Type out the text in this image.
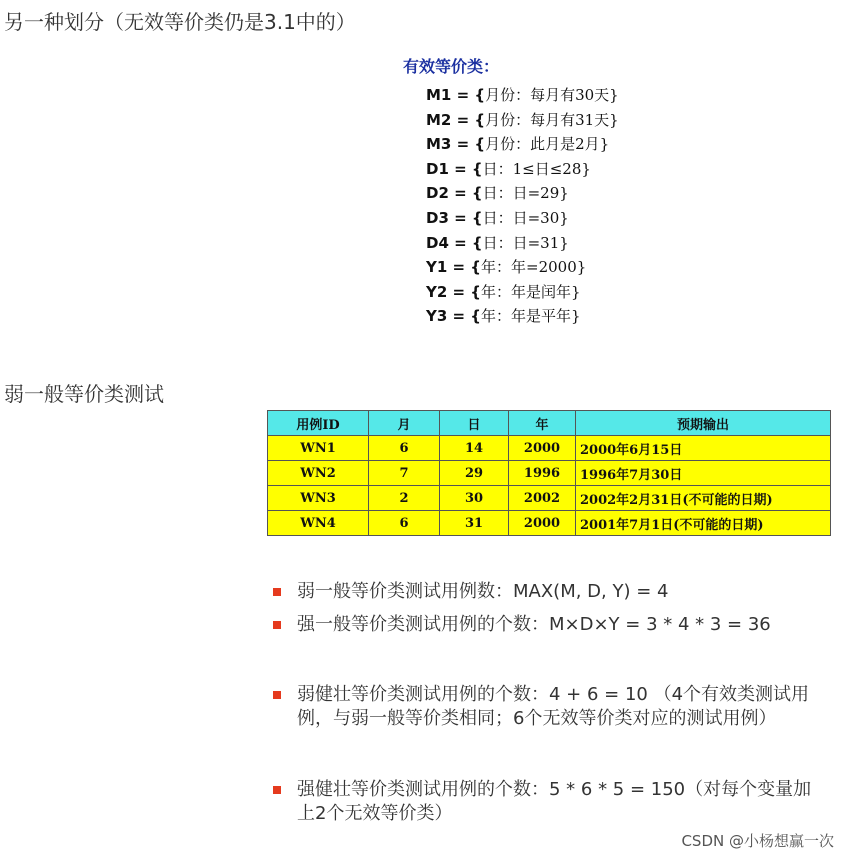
另一种划分（无效等价类仍是3.1中的）
有效等价类：
M1 = {月份：每月有30天}
M2 = {月份：每月有31天}
M3 = {月份：此月是2月}
D1 = {日：1≤日≤28}
D2 = {日：日=29}
D3 = {日：日=30}
D4 = {日：日=31}
Y1 = {年：年=2000}
Y2 = {年：年是闰年}
Y3 = {年：年是平年}
弱一般等价类测试
用例ID	月	日	年	预期输出
WN1	6	14	2000	2000年6月15日
WN2	7	29	1996	1996年7月30日
WN3	2	30	2002	2002年2月31日(不可能的日期)
WN4	6	31	2000	2001年7月1日(不可能的日期)
弱一般等价类测试用例数：MAX(M, D, Y) = 4
强一般等价类测试用例的个数：M×D×Y = 3 * 4 * 3 = 36
弱健壮等价类测试用例的个数：4 + 6 = 10 （4个有效类测试用例，与弱一般等价类相同；6个无效等价类对应的测试用例）
强健壮等价类测试用例的个数：5 * 6 * 5 = 150（对每个变量加上2个无效等价类）
CSDN @小杨想赢一次
